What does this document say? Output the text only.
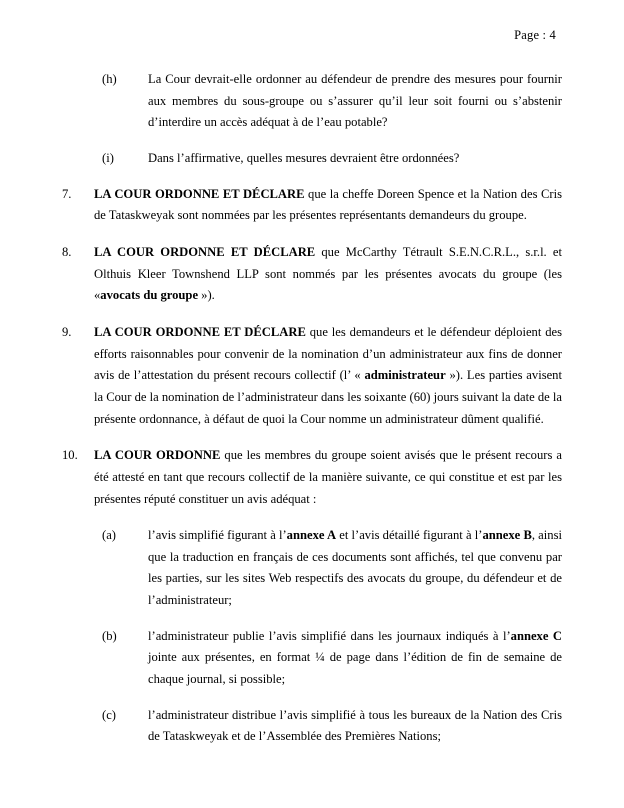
Page : 4
(h)	La Cour devrait-elle ordonner au défendeur de prendre des mesures pour fournir aux membres du sous-groupe ou s’assurer qu’il leur soit fourni ou s’abstenir d’interdire un accès adéquat à de l’eau potable?
(i)	Dans l’affirmative, quelles mesures devraient être ordonnées?
7.	LA COUR ORDONNE ET DÉCLARE que la cheffe Doreen Spence et la Nation des Cris de Tataskweyak sont nommées par les présentes représentants demandeurs du groupe.
8.	LA COUR ORDONNE ET DÉCLARE que McCarthy Tétrault S.E.N.C.R.L., s.r.l. et Olthuis Kleer Townshend LLP sont nommés par les présentes avocats du groupe (les «avocats du groupe »).
9.	LA COUR ORDONNE ET DÉCLARE que les demandeurs et le défendeur déploient des efforts raisonnables pour convenir de la nomination d’un administrateur aux fins de donner avis de l’attestation du présent recours collectif (l’ « administrateur »). Les parties avisent la Cour de la nomination de l’administrateur dans les soixante (60) jours suivant la date de la présente ordonnance, à défaut de quoi la Cour nomme un administrateur dûment qualifié.
10.	LA COUR ORDONNE que les membres du groupe soient avisés que le présent recours a été attesté en tant que recours collectif de la manière suivante, ce qui constitue et est par les présentes réputé constituer un avis adéquat :
(a)	l’avis simplifié figurant à l’annexe A et l’avis détaillé figurant à l’annexe B, ainsi que la traduction en français de ces documents sont affichés, tel que convenu par les parties, sur les sites Web respectifs des avocats du groupe, du défendeur et de l’administrateur;
(b)	l’administrateur publie l’avis simplifié dans les journaux indiqués à l’annexe C jointe aux présentes, en format ¼ de page dans l’édition de fin de semaine de chaque journal, si possible;
(c)	l’administrateur distribue l’avis simplifié à tous les bureaux de la Nation des Cris de Tataskweyak et de l’Assemblée des Premières Nations;
